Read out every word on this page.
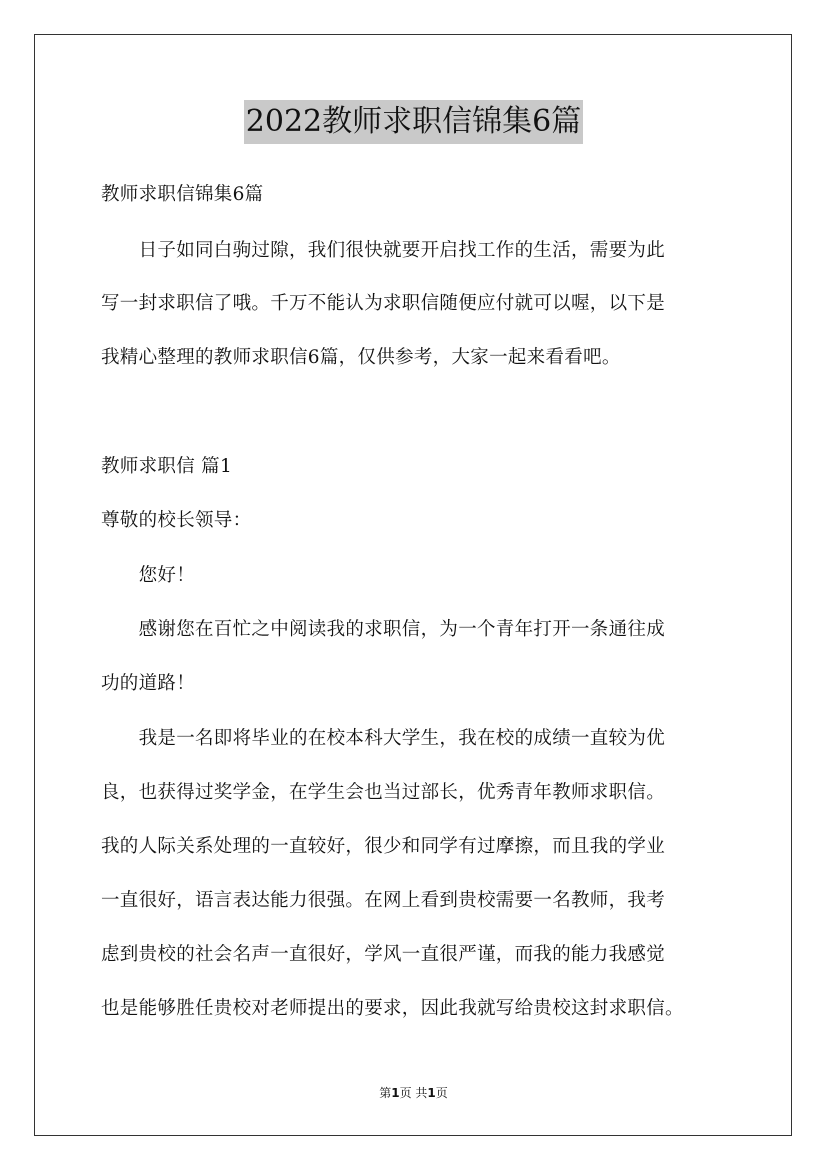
2022教师求职信锦集6篇
教师求职信锦集6篇
　　日子如同白驹过隙，我们很快就要开启找工作的生活，需要为此
写一封求职信了哦。千万不能认为求职信随便应付就可以喔，以下是
我精心整理的教师求职信6篇，仅供参考，大家一起来看看吧。
教师求职信 篇1
尊敬的校长领导：
　　您好！
　　感谢您在百忙之中阅读我的求职信，为一个青年打开一条通往成
功的道路！
　　我是一名即将毕业的在校本科大学生，我在校的成绩一直较为优
良，也获得过奖学金，在学生会也当过部长，优秀青年教师求职信。
我的人际关系处理的一直较好，很少和同学有过摩擦，而且我的学业
一直很好，语言表达能力很强。在网上看到贵校需要一名教师，我考
虑到贵校的社会名声一直很好，学风一直很严谨，而我的能力我感觉
也是能够胜任贵校对老师提出的要求，因此我就写给贵校这封求职信。
第1页 共1页
